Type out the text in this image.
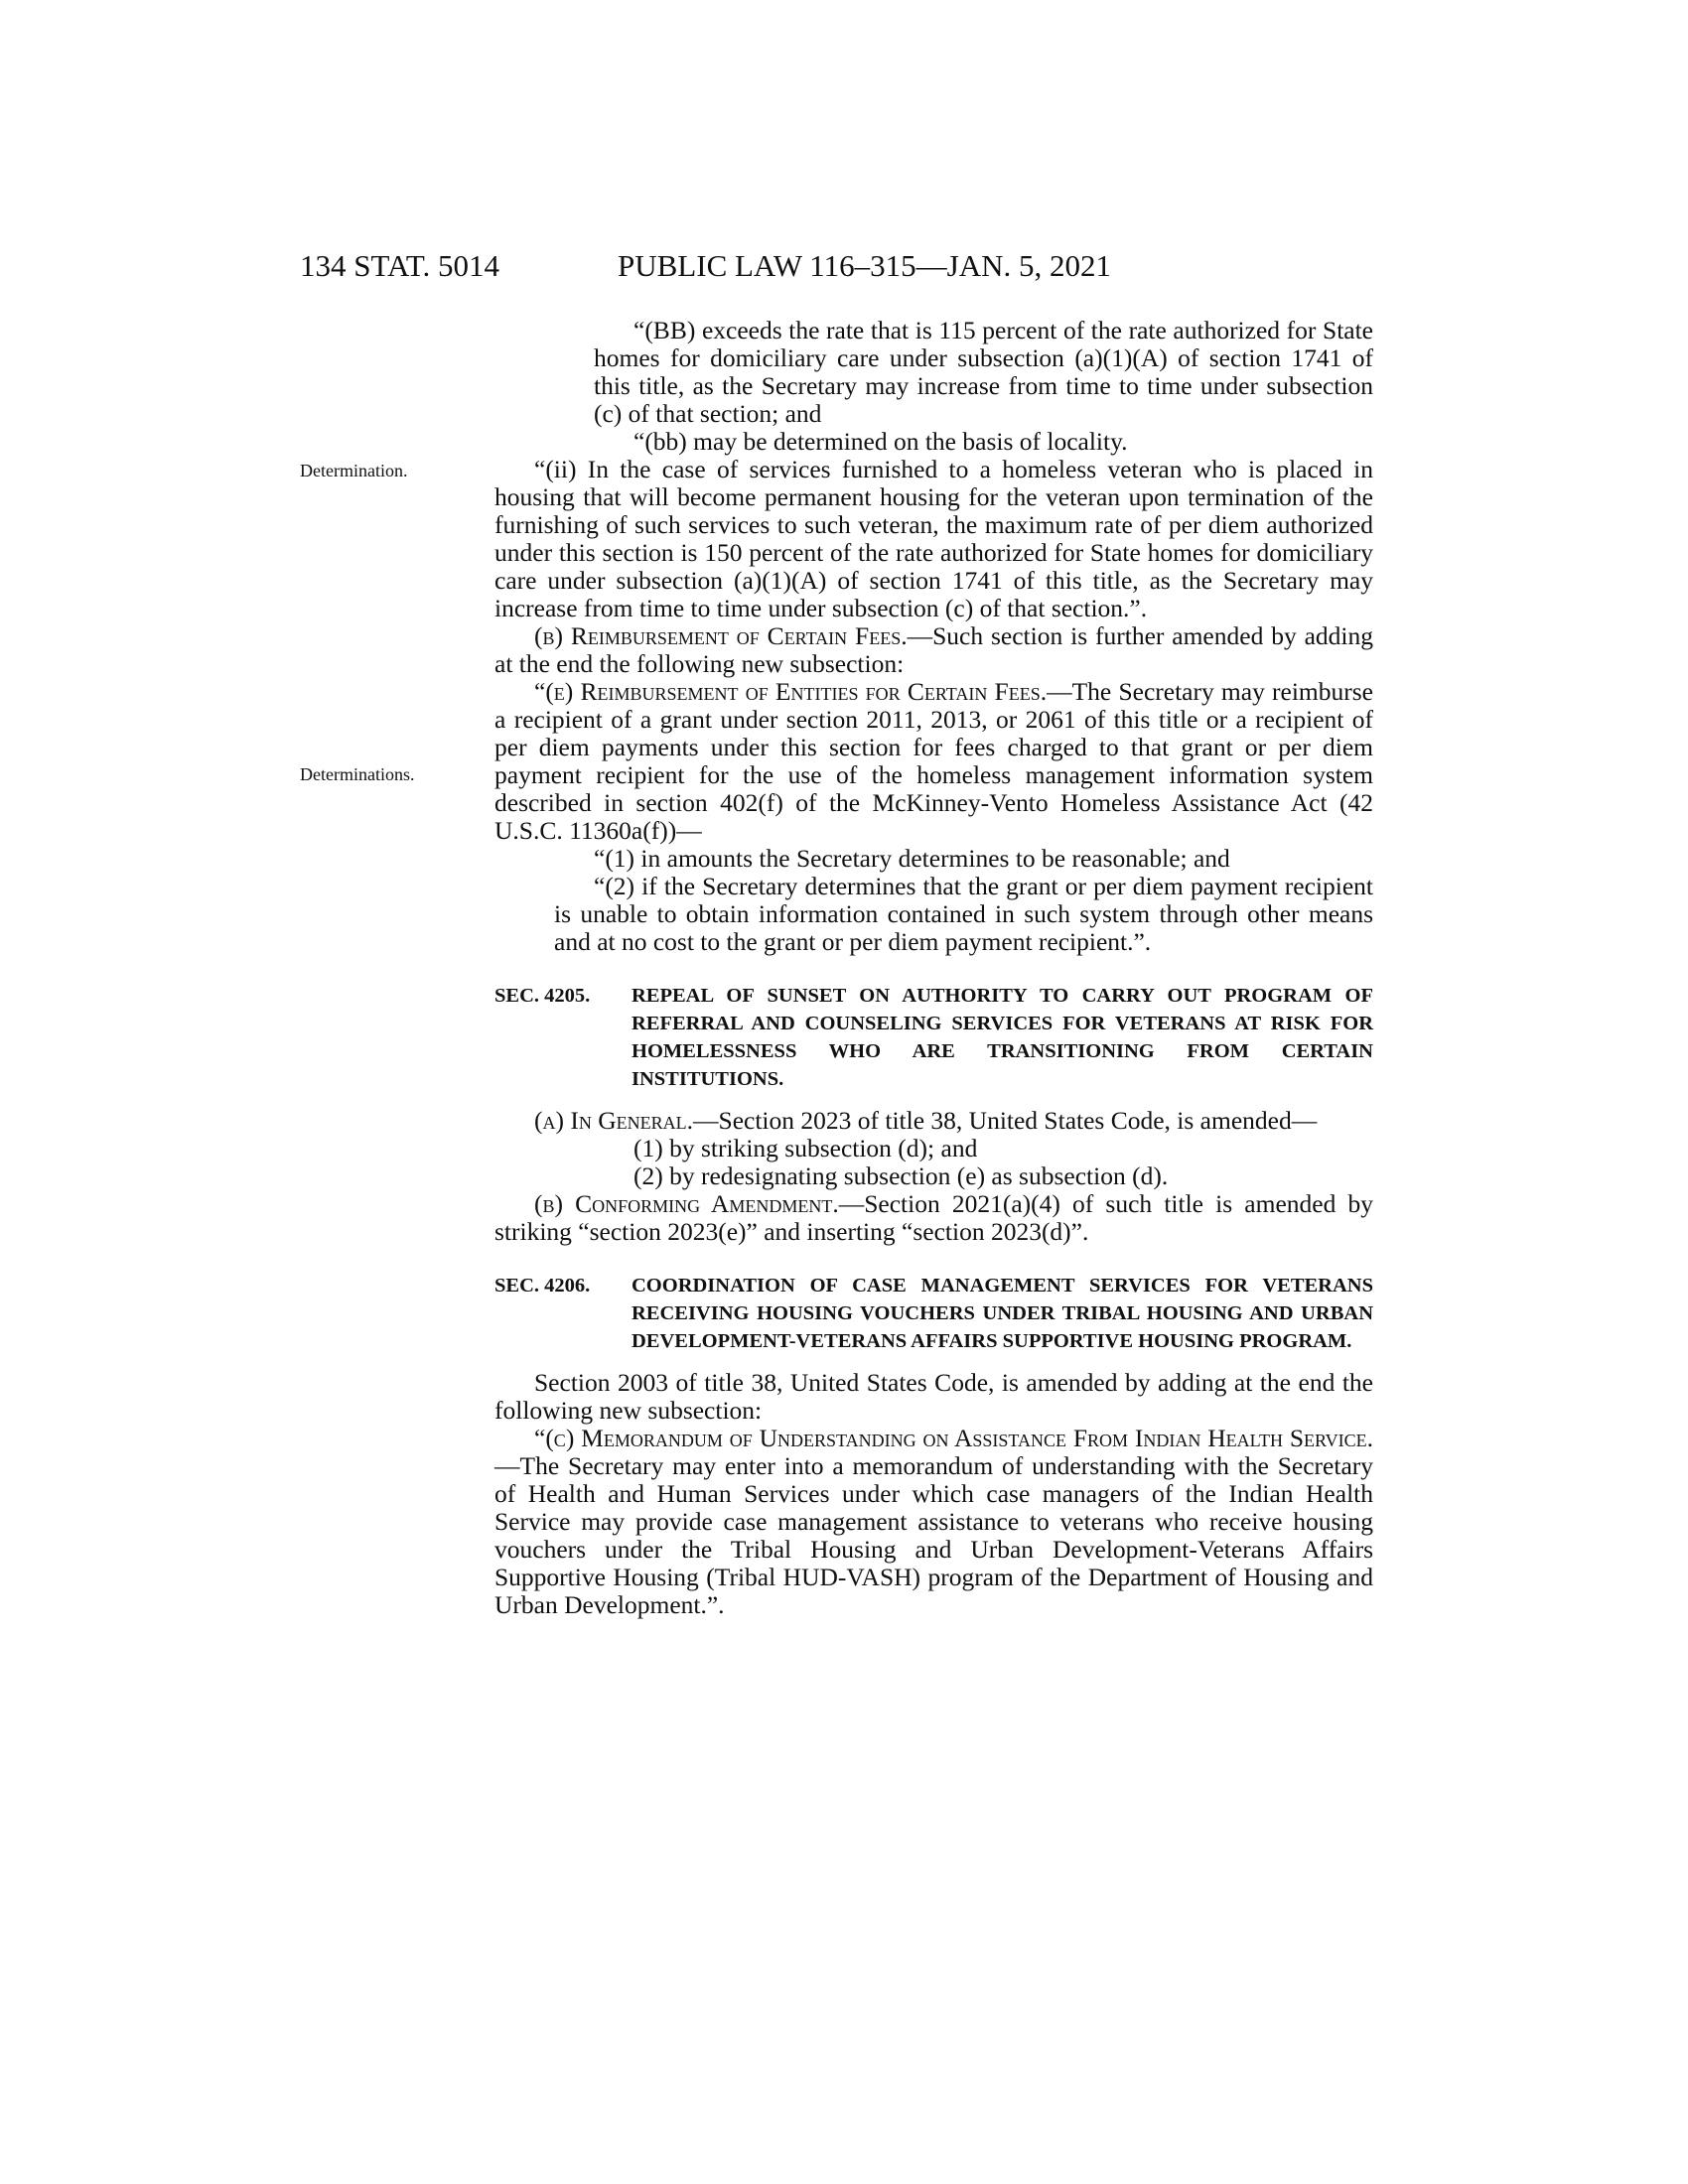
134 STAT. 5014	PUBLIC LAW 116–315—JAN. 5, 2021
Determination.
Determinations.

“(BB) exceeds the rate that is 115 percent of the rate authorized for State homes for domiciliary care under subsection (a)(1)(A) of section 1741 of this title, as the Secretary may increase from time to time under subsection (c) of that section; and

“(bb) may be determined on the basis of locality.

“(ii) In the case of services furnished to a homeless veteran who is placed in housing that will become permanent housing for the veteran upon termination of the furnishing of such services to such veteran, the maximum rate of per diem authorized under this section is 150 percent of the rate authorized for State homes for domiciliary care under subsection (a)(1)(A) of section 1741 of this title, as the Secretary may increase from time to time under subsection (c) of that section.”.

(b) Reimbursement of Certain Fees.—Such section is further amended by adding at the end the following new subsection:

“(e) Reimbursement of Entities for Certain Fees.—The Secretary may reimburse a recipient of a grant under section 2011, 2013, or 2061 of this title or a recipient of per diem payments under this section for fees charged to that grant or per diem payment recipient for the use of the homeless management information system described in section 402(f) of the McKinney-Vento Homeless Assistance Act (42 U.S.C. 11360a(f))—

“(1) in amounts the Secretary determines to be reasonable; and

“(2) if the Secretary determines that the grant or per diem payment recipient is unable to obtain information contained in such system through other means and at no cost to the grant or per diem payment recipient.”.

SEC. 4205.	REPEAL OF SUNSET ON AUTHORITY TO CARRY OUT PROGRAM OF REFERRAL AND COUNSELING SERVICES FOR VETERANS AT RISK FOR HOMELESSNESS WHO ARE TRANSITIONING FROM CERTAIN INSTITUTIONS.

(a) In General.—Section 2023 of title 38, United States Code, is amended—

(1) by striking subsection (d); and

(2) by redesignating subsection (e) as subsection (d).

(b) Conforming Amendment.—Section 2021(a)(4) of such title is amended by striking “section 2023(e)” and inserting “section 2023(d)”.

SEC. 4206.	COORDINATION OF CASE MANAGEMENT SERVICES FOR VETERANS RECEIVING HOUSING VOUCHERS UNDER TRIBAL HOUSING AND URBAN DEVELOPMENT-VETERANS AFFAIRS SUPPORTIVE HOUSING PROGRAM.

Section 2003 of title 38, United States Code, is amended by adding at the end the following new subsection:

“(c) Memorandum of Understanding on Assistance From Indian Health Service.—The Secretary may enter into a memorandum of understanding with the Secretary of Health and Human Services under which case managers of the Indian Health Service may provide case management assistance to veterans who receive housing vouchers under the Tribal Housing and Urban Development-Veterans Affairs Supportive Housing (Tribal HUD-VASH) program of the Department of Housing and Urban Development.”.
